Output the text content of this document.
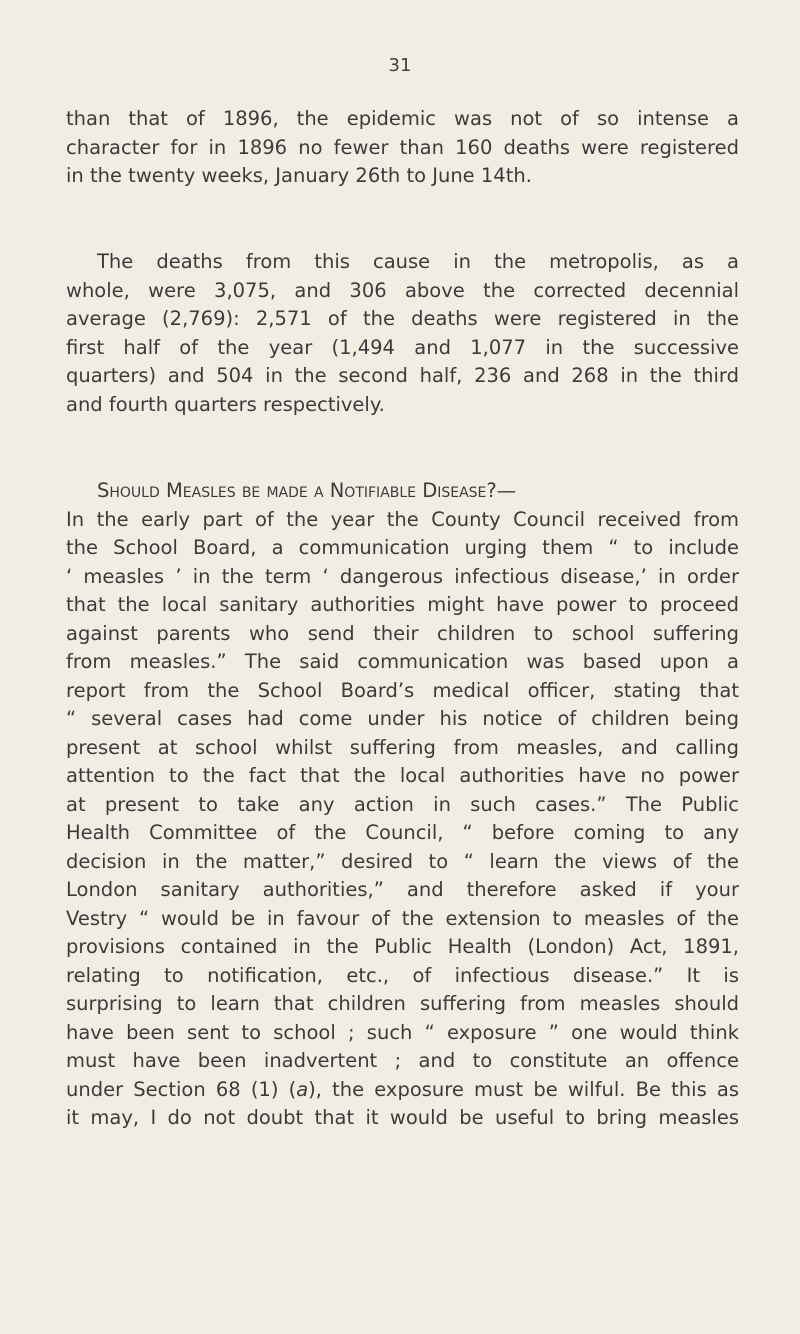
31
than that of 1896, the epidemic was not of so intense a
character for in 1896 no fewer than 160 deaths were registered
in the twenty weeks, January 26th to June 14th.
The deaths from this cause in the metropolis, as a
whole, were 3,075, and 306 above the corrected decennial
average (2,769): 2,571 of the deaths were registered in the
first half of the year (1,494 and 1,077 in the successive
quarters) and 504 in the second half, 236 and 268 in the third
and fourth quarters respectively.
Should Measles be made a Notifiable Disease?—
In the early part of the year the County Council received from
the School Board, a communication urging them “ to include
‘ measles ’ in the term ‘ dangerous infectious disease,’ in order
that the local sanitary authorities might have power to proceed
against parents who send their children to school suffering
from measles.” The said communication was based upon a
report from the School Board’s medical officer, stating that
“ several cases had come under his notice of children being
present at school whilst suffering from measles, and calling
attention to the fact that the local authorities have no power
at present to take any action in such cases.” The Public
Health Committee of the Council, “ before coming to any
decision in the matter,” desired to “ learn the views of the
London sanitary authorities,” and therefore asked if your
Vestry “ would be in favour of the extension to measles of the
provisions contained in the Public Health (London) Act, 1891,
relating to notification, etc., of infectious disease.” It is
surprising to learn that children suffering from measles should
have been sent to school ; such “ exposure ” one would think
must have been inadvertent ; and to constitute an offence
under Section 68 (1) (a), the exposure must be wilful. Be this as
it may, I do not doubt that it would be useful to bring measles
